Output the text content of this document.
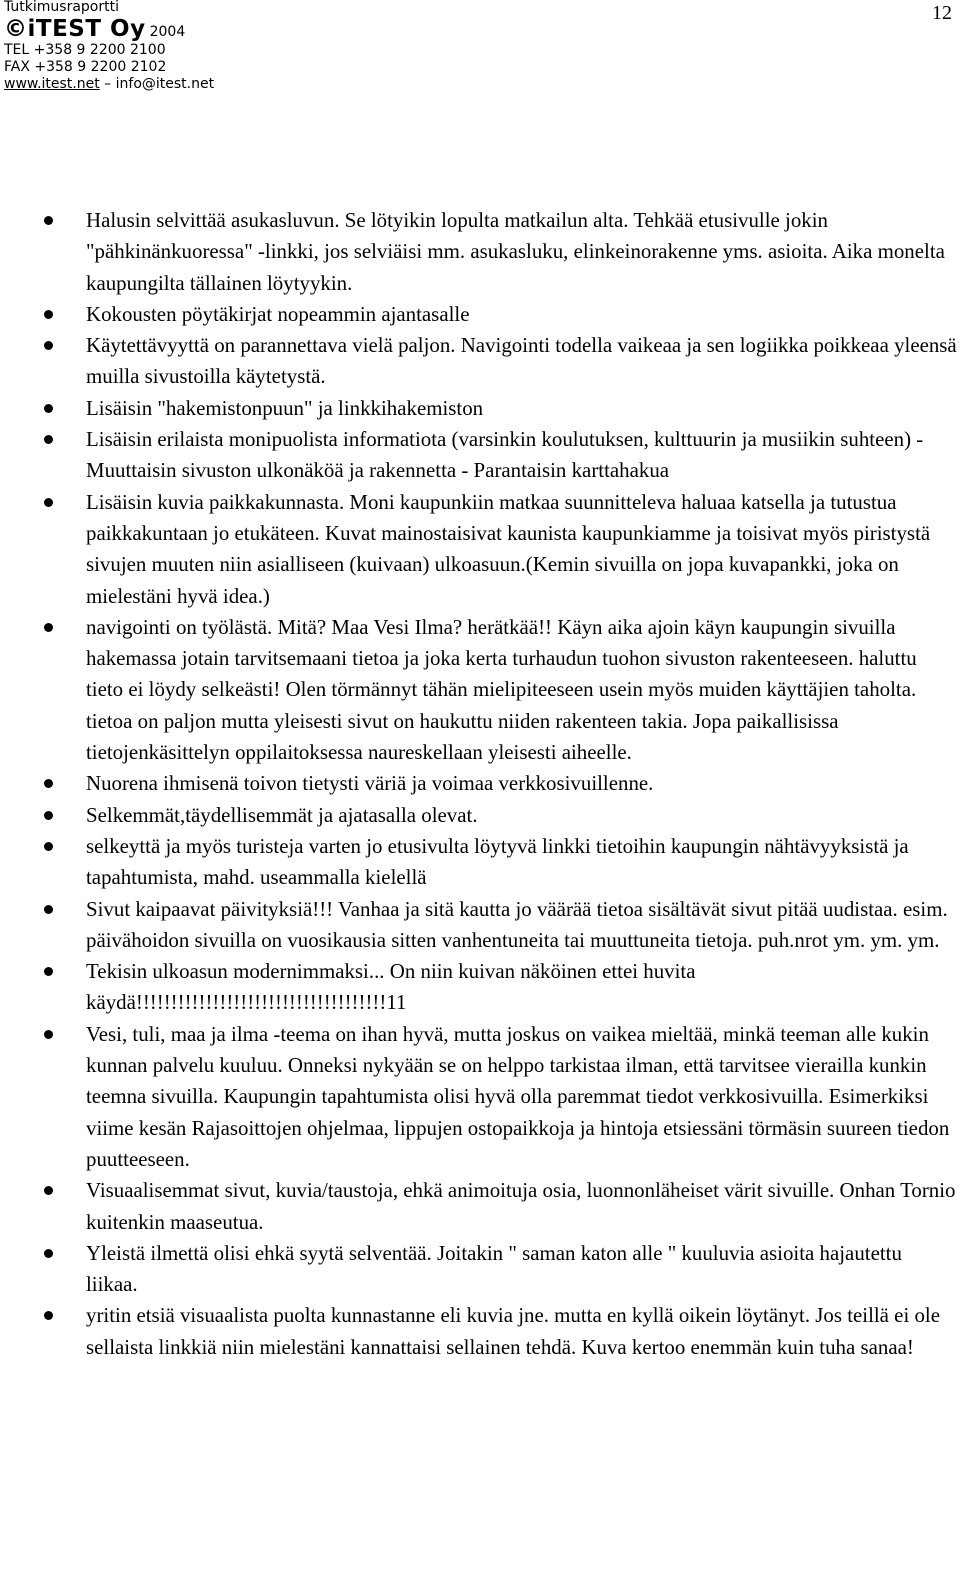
Tutkimusraportti
©iTEST Oy 2004
TEL +358 9 2200 2100
FAX +358 9 2200 2102
www.itest.net – info@itest.net
12
Halusin selvittää asukasluvun. Se lötyikin lopulta matkailun alta. Tehkää etusivulle jokin "pähkinänkuoressa" -linkki, jos selviäisi mm. asukasluku, elinkeinorakenne yms. asioita. Aika monelta kaupungilta tällainen löytyykin.
Kokousten pöytäkirjat nopeammin ajantasalle
Käytettävyyttä on parannettava vielä paljon. Navigointi todella vaikeaa ja sen logiikka poikkeaa yleensä muilla sivustoilla käytetystä.
Lisäisin "hakemistonpuun" ja linkkihakemiston
Lisäisin erilaista monipuolista informatiota (varsinkin koulutuksen, kulttuurin ja musiikin suhteen) - Muuttaisin sivuston ulkonäköä ja rakennetta - Parantaisin karttahakua
Lisäisin kuvia paikkakunnasta. Moni kaupunkiin matkaa suunnitteleva haluaa katsella ja tutustua paikkakuntaan jo etukäteen. Kuvat mainostaisivat kaunista kaupunkiamme ja toisivat myös piristystä sivujen muuten niin asialliseen (kuivaan) ulkoasuun.(Kemin sivuilla on jopa kuvapankki, joka on mielestäni hyvä idea.)
navigointi on työlästä. Mitä? Maa Vesi Ilma? herätkää!! Käyn aika ajoin käyn kaupungin sivuilla hakemassa jotain tarvitsemaani tietoa ja joka kerta turhaudun tuohon sivuston rakenteeseen. haluttu tieto ei löydy selkeästi! Olen törmännyt tähän mielipiteeseen usein myös muiden käyttäjien taholta. tietoa on paljon mutta yleisesti sivut on haukuttu niiden rakenteen takia. Jopa paikallisissa tietojenkäsittelyn oppilaitoksessa naureskellaan yleisesti aiheelle.
Nuorena ihmisenä toivon tietysti väriä ja voimaa verkkosivuillenne.
Selkemmät,täydellisemmät ja ajatasalla olevat.
selkeyttä ja myös turisteja varten jo etusivulta löytyvä linkki tietoihin kaupungin nähtävyyksistä ja tapahtumista, mahd. useammalla kielellä
Sivut kaipaavat päivityksiä!!! Vanhaa ja sitä kautta jo väärää tietoa sisältävät sivut pitää uudistaa. esim. päivähoidon sivuilla on vuosikausia sitten vanhentuneita tai muuttuneita tietoja. puh.nrot ym. ym. ym.
Tekisin ulkoasun modernimmaksi... On niin kuivan näköinen ettei huvita käydä!!!!!!!!!!!!!!!!!!!!!!!!!!!!!!!!!!!!11
Vesi, tuli, maa ja ilma -teema on ihan hyvä, mutta joskus on vaikea mieltää, minkä teeman alle kukin kunnan palvelu kuuluu. Onneksi nykyään se on helppo tarkistaa ilman, että tarvitsee vierailla kunkin teemna sivuilla. Kaupungin tapahtumista olisi hyvä olla paremmat tiedot verkkosivuilla. Esimerkiksi viime kesän Rajasoittojen ohjelmaa, lippujen ostopaikkoja ja hintoja etsiessäni törmäsin suureen tiedon puutteeseen.
Visuaalisemmat sivut, kuvia/taustoja, ehkä animoituja osia, luonnonläheiset värit sivuille. Onhan Tornio kuitenkin maaseutua.
Yleistä ilmettä olisi ehkä syytä selventää. Joitakin " saman katon alle " kuuluvia asioita hajautettu liikaa.
yritin etsiä visuaalista puolta kunnastanne eli kuvia jne. mutta en kyllä oikein löytänyt. Jos teillä ei ole sellaista linkkiä niin mielestäni kannattaisi sellainen tehdä. Kuva kertoo enemmän kuin tuha sanaa!
